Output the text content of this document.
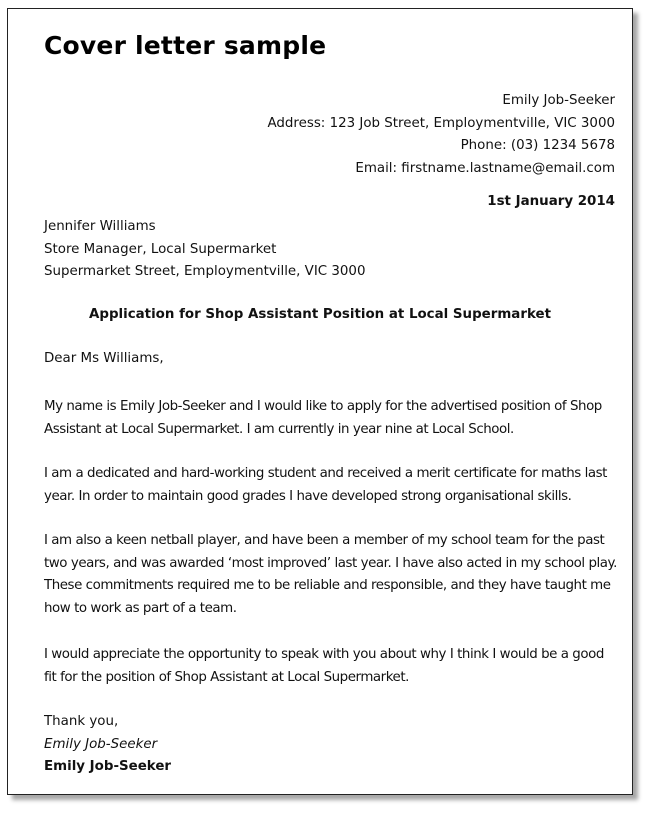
Cover letter sample
Emily Job-Seeker
Address: 123 Job Street, Employmentville, VIC 3000
Phone: (03) 1234 5678
Email: firstname.lastname@email.com
1st January 2014
Jennifer Williams
Store Manager, Local Supermarket
Supermarket Street, Employmentville, VIC 3000
Application for Shop Assistant Position at Local Supermarket
Dear Ms Williams,

My name is Emily Job-Seeker and I would like to apply for the advertised position of Shop Assistant at Local Supermarket. I am currently in year nine at Local School.

I am a dedicated and hard-working student and received a merit certificate for maths last year. In order to maintain good grades I have developed strong organisational skills.

I am also a keen netball player, and have been a member of my school team for the past two years, and was awarded ‘most improved’ last year. I have also acted in my school play. These commitments required me to be reliable and responsible, and they have taught me how to work as part of a team.

I would appreciate the opportunity to speak with you about why I think I would be a good fit for the position of Shop Assistant at Local Supermarket.

Thank you,
Emily Job-Seeker
Emily Job-Seeker
